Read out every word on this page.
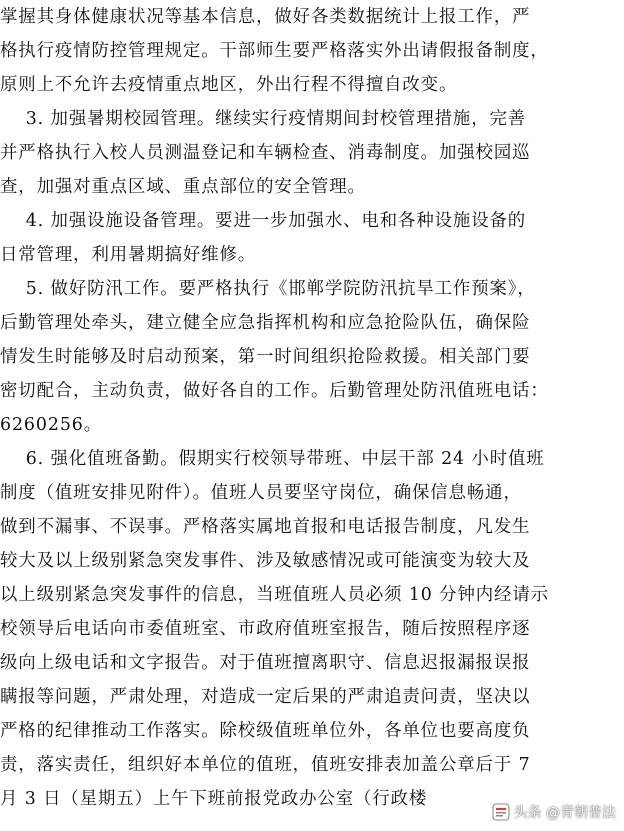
掌握其身体健康状况等基本信息，做好各类数据统计上报工作，严
格执行疫情防控管理规定。干部师生要严格落实外出请假报备制度，
原则上不允许去疫情重点地区，外出行程不得擅自改变。
3. 加强暑期校园管理。继续实行疫情期间封校管理措施，完善
并严格执行入校人员测温登记和车辆检查、消毒制度。加强校园巡
查，加强对重点区域、重点部位的安全管理。
4. 加强设施设备管理。要进一步加强水、电和各种设施设备的
日常管理，利用暑期搞好维修。
5. 做好防汛工作。要严格执行《邯郸学院防汛抗旱工作预案》，
后勤管理处牵头，建立健全应急指挥机构和应急抢险队伍，确保险
情发生时能够及时启动预案，第一时间组织抢险救援。相关部门要
密切配合，主动负责，做好各自的工作。后勤管理处防汛值班电话：
6260256。
6. 强化值班备勤。假期实行校领导带班、中层干部 24 小时值班
制度（值班安排见附件）。值班人员要坚守岗位，确保信息畅通，
做到不漏事、不误事。严格落实属地首报和电话报告制度，凡发生
较大及以上级别紧急突发事件、涉及敏感情况或可能演变为较大及
以上级别紧急突发事件的信息，当班值班人员必须 10 分钟内经请示
校领导后电话向市委值班室、市政府值班室报告，随后按照程序逐
级向上级电话和文字报告。对于值班擅离职守、信息迟报漏报误报
瞒报等问题，严肃处理，对造成一定后果的严肃追责问责，坚决以
严格的纪律推动工作落实。除校级值班单位外，各单位也要高度负
责，落实责任，组织好本单位的值班，值班安排表加盖公章后于 7
月 3 日（星期五）上午下班前报党政办公室（行政楼
头条 @青朝普法
